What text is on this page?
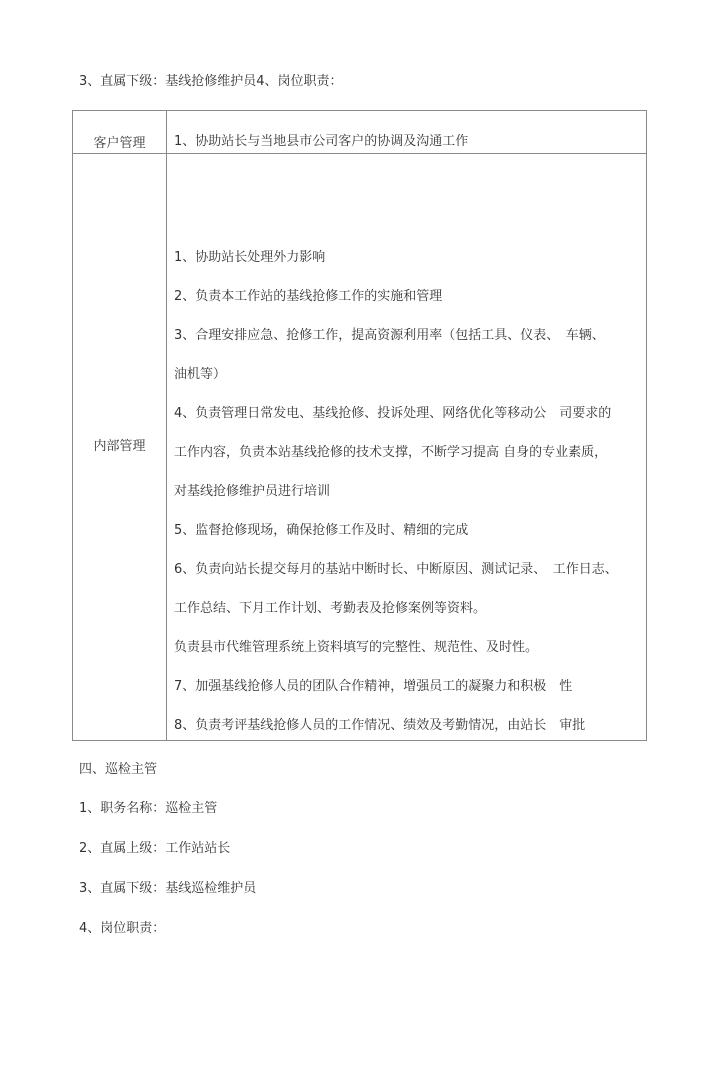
3、直属下级：基线抢修维护员4、岗位职责：
客户管理	1、协助站长与当地县市公司客户的协调及沟通工作
内部管理
1、协助站长处理外力影响
2、负责本工作站的基线抢修工作的实施和管理
3、合理安排应急、抢修工作，提高资源利用率（包括工具、仪表、　车辆、
油机等）
4、负责管理日常发电、基线抢修、投诉处理、网络优化等移动公　司要求的
工作内容，负责本站基线抢修的技术支撑，不断学习提高 自身的专业素质，
对基线抢修维护员进行培训
5、监督抢修现场，确保抢修工作及时、精细的完成
6、负责向站长提交每月的基站中断时长、中断原因、测试记录、　工作日志、
工作总结、下月工作计划、考勤表及抢修案例等资料。
负责县市代维管理系统上资料填写的完整性、规范性、及时性。
7、加强基线抢修人员的团队合作精神，增强员工的凝聚力和积极　性
8、负责考评基线抢修人员的工作情况、绩效及考勤情况，由站长　审批
四、巡检主管
1、职务名称：巡检主管
2、直属上级：工作站站长
3、直属下级：基线巡检维护员
4、岗位职责：
